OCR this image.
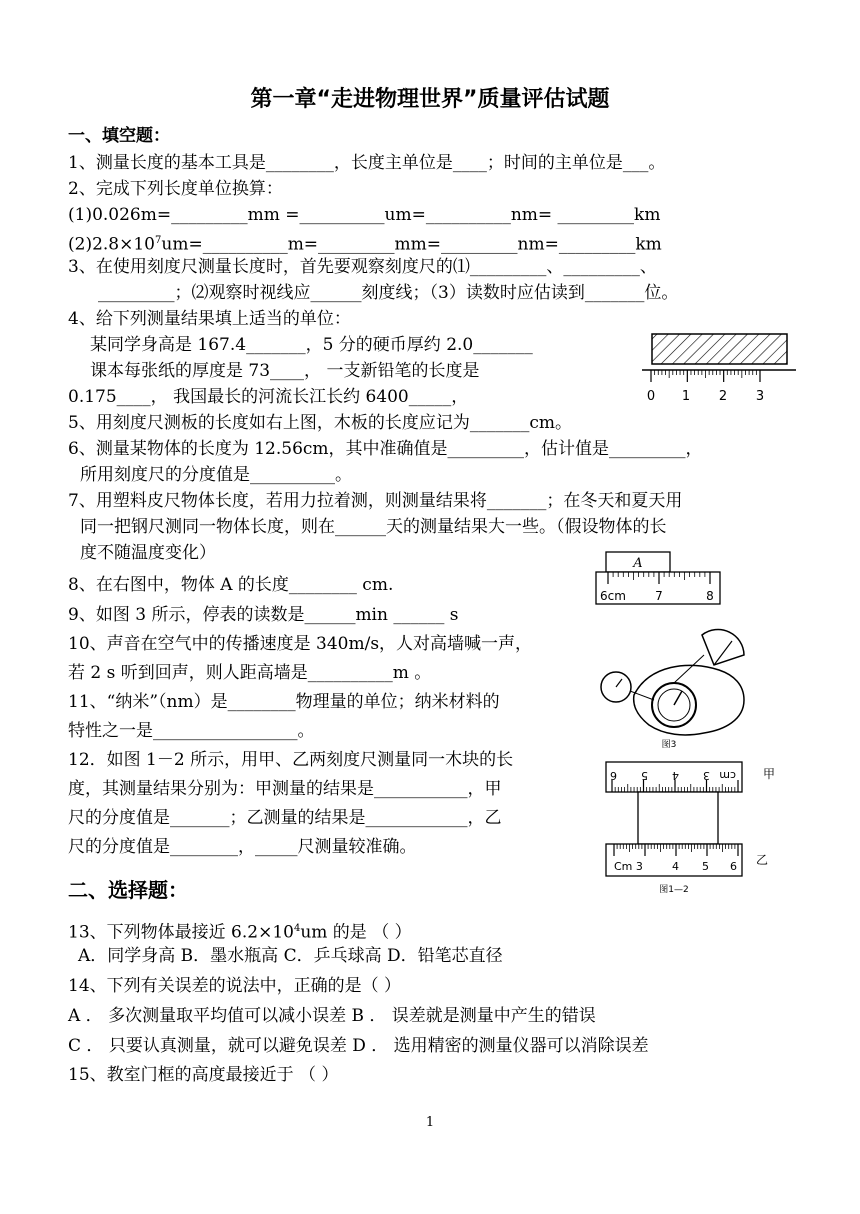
第一章“走进物理世界”质量评估试题
一、填空题：
1、测量长度的基本工具是________，长度主单位是____；时间的主单位是___。
2、完成下列长度单位换算：
(1)0.026m=_________mm =__________um=__________nm= _________km
$(2)2.8\times 10^7um=\_\_\_\_\_\_\_\_\_\_m=\_\_\_\_\_\_\_\_\_mm=\_\_\_\_\_\_\_\_\_nm=\_\_\_\_\_\_\_\_\_km$
3、在使用刻度尺测量长度时，首先要观察刻度尺的⑴_________、_________、
_________；⑵观察时视线应______刻度线；（3）读数时应估读到_______位。
4、给下列测量结果填上适当的单位：
某同学身高是 167.4_______，5 分的硬币厚约 2.0_______
课本每张纸的厚度是 73____， 一支新铅笔的长度是
0.175____， 我国最长的河流长江长约 6400_____，
5、用刻度尺测板的长度如右上图，木板的长度应记为_______cm。
6、测量某物体的长度为 12.56cm，其中准确值是_________，估计值是_________，
所用刻度尺的分度值是__________。
7、用塑料皮尺物体长度，若用力拉着测，则测量结果将_______；在冬天和夏天用
同一把钢尺测同一物体长度，则在______天的测量结果大一些。（假设物体的长
度不随温度变化）
8、在右图中，物体 A 的长度________ cm.
9、如图 3 所示，停表的读数是______min ______ s
10、声音在空气中的传播速度是 340m/s，人对高墙喊一声，
若 2 s 听到回声，则人距高墙是__________m 。
11、“纳米”（nm）是________物理量的单位；纳米材料的
特性之一是_________________。
12．如图 1－2 所示，用甲、乙两刻度尺测量同一木块的长
度，其测量结果分别为：甲测量的结果是___________，甲
尺的分度值是_______；乙测量的结果是____________，乙
尺的分度值是________，_____尺测量较准确。
二、选择题：
13、下列物体最接近 $6.2\times 10^4um$ 的是 （ ）
A．同学身高 B．墨水瓶高 C．乒乓球高 D．铅笔芯直径
14、下列有关误差的说法中，正确的是（ ）
A ． 多次测量取平均值可以减小误差 B ． 误差就是测量中产生的错误
C ． 只要认真测量，就可以避免误差 D ． 选用精密的测量仪器可以消除误差
15、教室门框的高度最接近于 （ ）
0 1 2 3
A
6cm 7	8
图3
cm
3
4
5
6	甲
Cm 3	4 5 6 乙
图1—2
1
